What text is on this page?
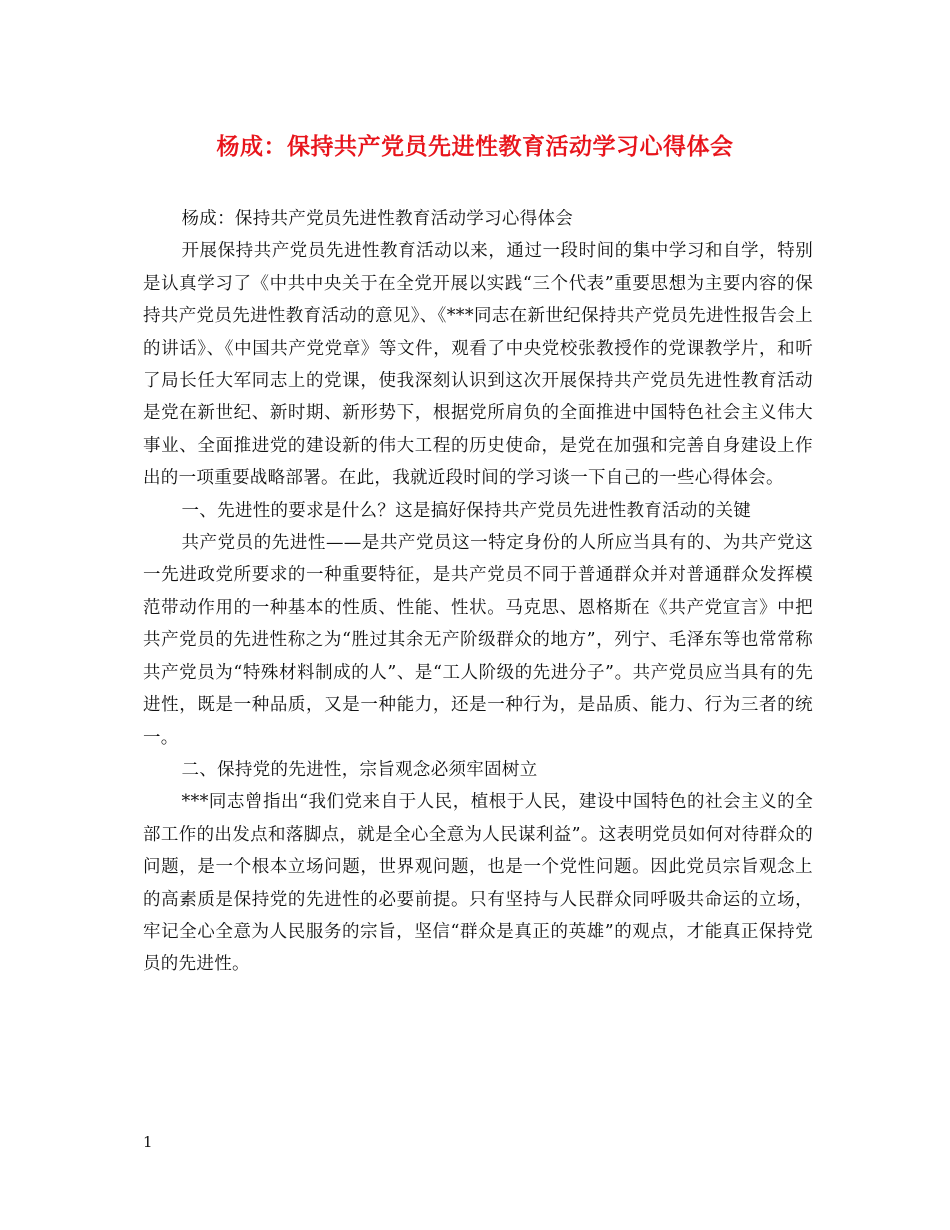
杨成：保持共产党员先进性教育活动学习心得体会

杨成：保持共产党员先进性教育活动学习心得体会

开展保持共产党员先进性教育活动以来，通过一段时间的集中学习和自学，特别是认真学习了《中共中央关于在全党开展以实践“三个代表”重要思想为主要内容的保持共产党员先进性教育活动的意见》、《***同志在新世纪保持共产党员先进性报告会上的讲话》、《中国共产党党章》等文件，观看了中央党校张教授作的党课教学片，和听了局长任大军同志上的党课，使我深刻认识到这次开展保持共产党员先进性教育活动是党在新世纪、新时期、新形势下，根据党所肩负的全面推进中国特色社会主义伟大事业、全面推进党的建设新的伟大工程的历史使命，是党在加强和完善自身建设上作出的一项重要战略部署。在此，我就近段时间的学习谈一下自己的一些心得体会。

一、先进性的要求是什么？这是搞好保持共产党员先进性教育活动的关键

共产党员的先进性——是共产党员这一特定身份的人所应当具有的、为共产党这一先进政党所要求的一种重要特征，是共产党员不同于普通群众并对普通群众发挥模范带动作用的一种基本的性质、性能、性状。马克思、恩格斯在《共产党宣言》中把共产党员的先进性称之为“胜过其余无产阶级群众的地方”，列宁、毛泽东等也常常称共产党员为“特殊材料制成的人”、是“工人阶级的先进分子”。共产党员应当具有的先进性，既是一种品质，又是一种能力，还是一种行为，是品质、能力、行为三者的统一。

二、保持党的先进性，宗旨观念必须牢固树立

***同志曾指出“我们党来自于人民，植根于人民，建设中国特色的社会主义的全部工作的出发点和落脚点，就是全心全意为人民谋利益”。这表明党员如何对待群众的问题，是一个根本立场问题，世界观问题，也是一个党性问题。因此党员宗旨观念上的高素质是保持党的先进性的必要前提。只有坚持与人民群众同呼吸共命运的立场，牢记全心全意为人民服务的宗旨，坚信“群众是真正的英雄”的观点，才能真正保持党员的先进性。

1
